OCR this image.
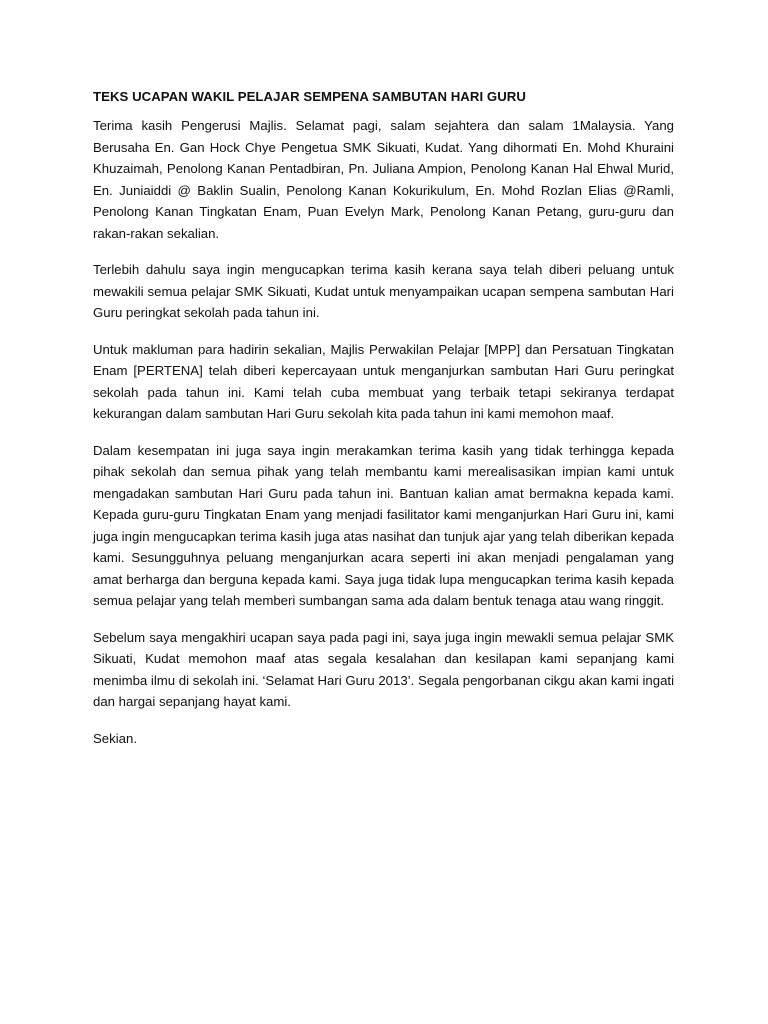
TEKS UCAPAN WAKIL PELAJAR SEMPENA SAMBUTAN HARI GURU

Terima kasih Pengerusi Majlis. Selamat pagi, salam sejahtera dan salam 1Malaysia. Yang Berusaha En. Gan Hock Chye Pengetua SMK Sikuati, Kudat. Yang dihormati En. Mohd Khuraini Khuzaimah, Penolong Kanan Pentadbiran, Pn. Juliana Ampion, Penolong Kanan Hal Ehwal Murid, En. Juniaiddi @ Baklin Sualin, Penolong Kanan Kokurikulum, En. Mohd Rozlan Elias @Ramli, Penolong Kanan Tingkatan Enam, Puan Evelyn Mark, Penolong Kanan Petang, guru-guru dan rakan-rakan sekalian.

Terlebih dahulu saya ingin mengucapkan terima kasih kerana saya telah diberi peluang untuk mewakili semua pelajar SMK Sikuati, Kudat untuk menyampaikan ucapan sempena sambutan Hari Guru peringkat sekolah pada tahun ini.

Untuk makluman para hadirin sekalian, Majlis Perwakilan Pelajar [MPP] dan Persatuan Tingkatan Enam [PERTENA] telah diberi kepercayaan untuk menganjurkan sambutan Hari Guru peringkat sekolah pada tahun ini. Kami telah cuba membuat yang terbaik tetapi sekiranya terdapat kekurangan dalam sambutan Hari Guru sekolah kita pada tahun ini kami memohon maaf.

Dalam kesempatan ini juga saya ingin merakamkan terima kasih yang tidak terhingga kepada pihak sekolah dan semua pihak yang telah membantu kami merealisasikan impian kami untuk mengadakan sambutan Hari Guru pada tahun ini. Bantuan kalian amat bermakna kepada kami. Kepada guru-guru Tingkatan Enam yang menjadi fasilitator kami menganjurkan Hari Guru ini, kami juga ingin mengucapkan terima kasih juga atas nasihat dan tunjuk ajar yang telah diberikan kepada kami. Sesungguhnya peluang menganjurkan acara seperti ini akan menjadi pengalaman yang amat berharga dan berguna kepada kami. Saya juga tidak lupa mengucapkan terima kasih kepada semua pelajar yang telah memberi sumbangan sama ada dalam bentuk tenaga atau wang ringgit.

Sebelum saya mengakhiri ucapan saya pada pagi ini, saya juga ingin mewakli semua pelajar SMK Sikuati, Kudat memohon maaf atas segala kesalahan dan kesilapan kami sepanjang kami menimba ilmu di sekolah ini. ‘Selamat Hari Guru 2013’. Segala pengorbanan cikgu akan kami ingati dan hargai sepanjang hayat kami.

Sekian.
